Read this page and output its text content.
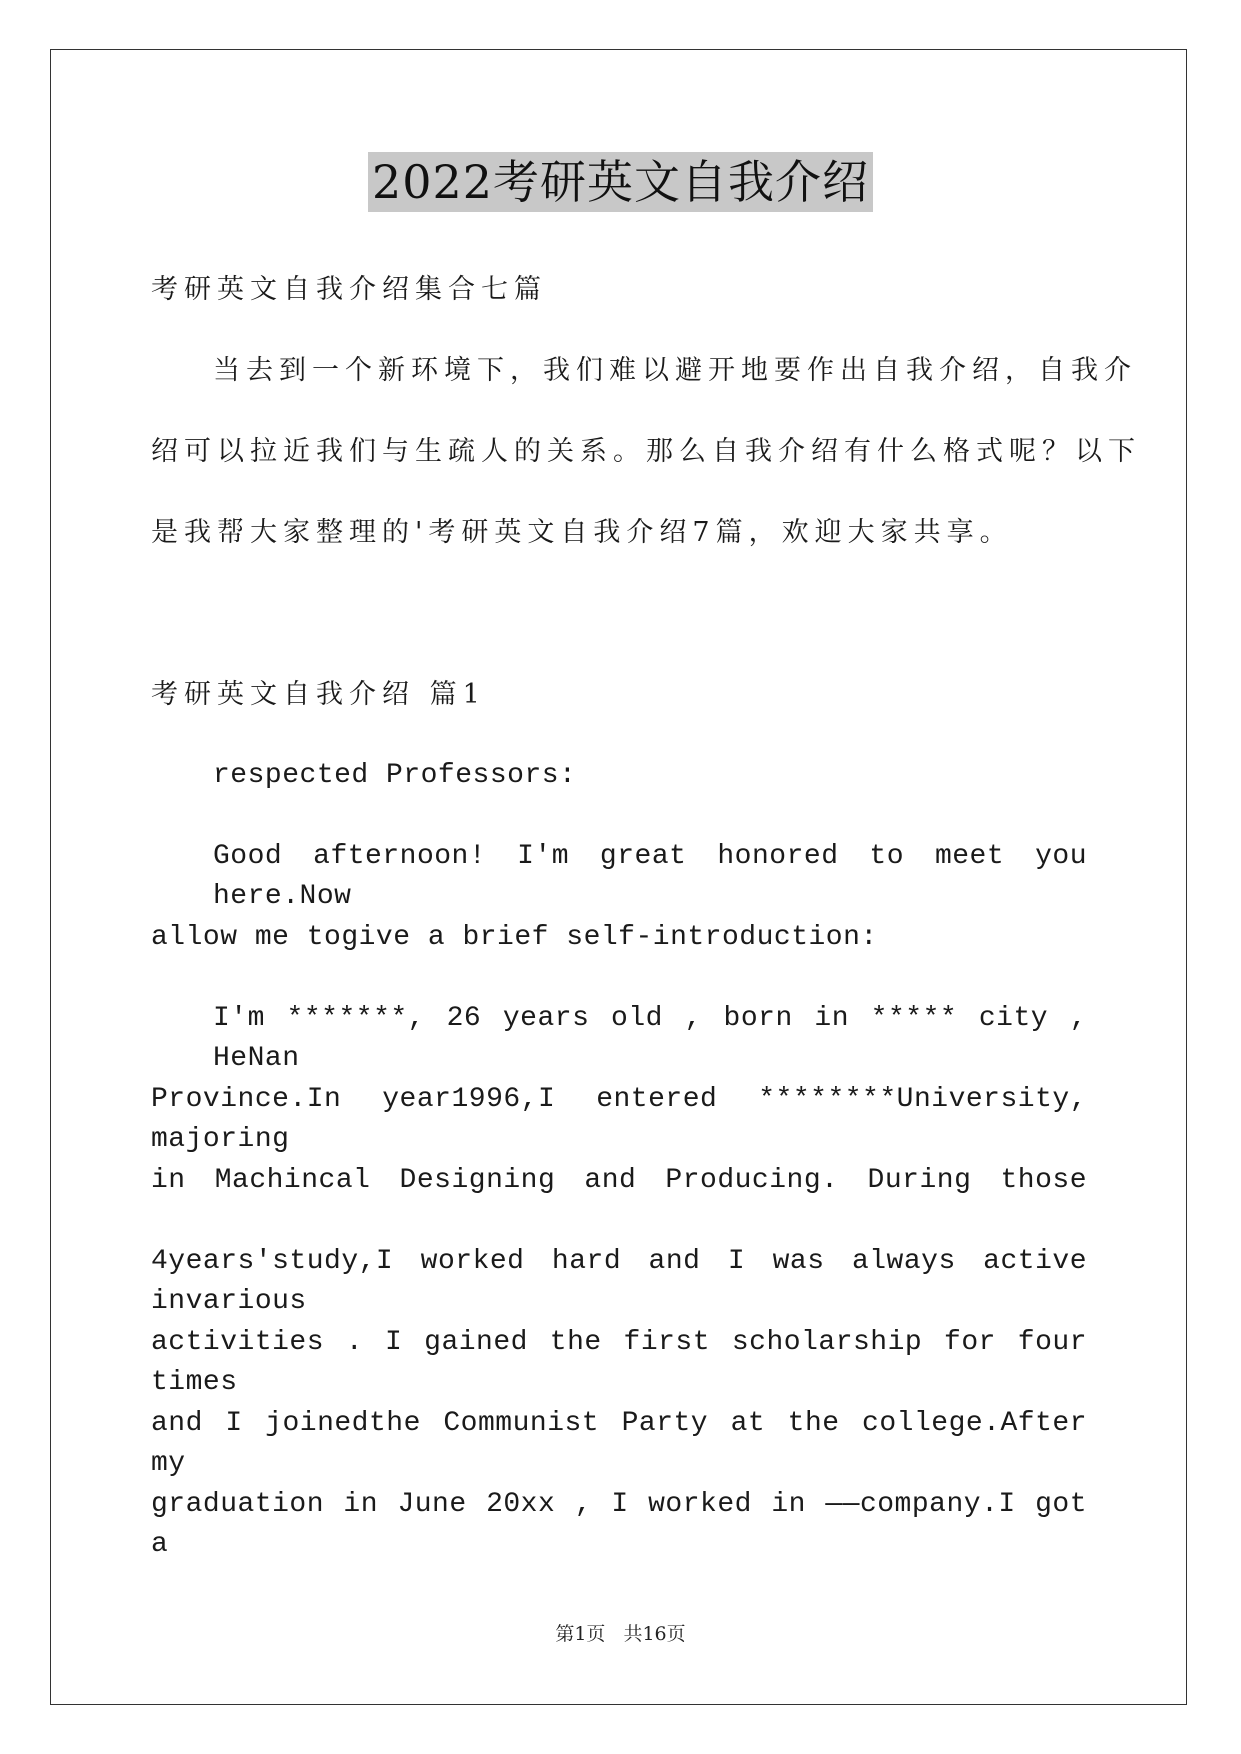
2022考研英文自我介绍
考研英文自我介绍集合七篇
当去到一个新环境下，我们难以避开地要作出自我介绍，自我介
绍可以拉近我们与生疏人的关系。那么自我介绍有什么格式呢？以下
是我帮大家整理的'考研英文自我介绍7篇，欢迎大家共享。
考研英文自我介绍 篇1
respected Professors:
Good afternoon! I'm great honored to meet you here.Now
allow me togive a brief self-introduction:
I'm *******, 26 years old , born in ***** city , HeNan
Province.In year1996,I entered ********University, majoring
in Machincal Designing and Producing. During those
4years'study,I worked hard and I was always active invarious
activities . I gained the first scholarship for four times
and I joinedthe Communist Party at the college.After my
graduation in June 20xx , I worked in ——company.I got a
第1页 共16页
